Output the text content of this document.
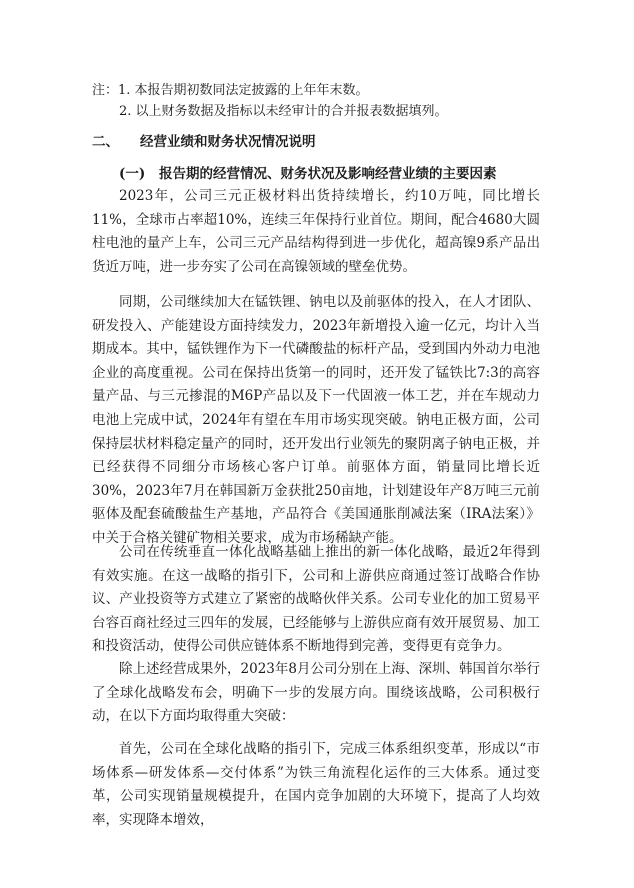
注：1. 本报告期初数同法定披露的上年年末数。
2. 以上财务数据及指标以未经审计的合并报表数据填列。
二、 经营业绩和财务状况情况说明
(一) 报告期的经营情况、财务状况及影响经营业绩的主要因素

2023年，公司三元正极材料出货持续增长，约10万吨，同比增长11%，全球市占率超10%，连续三年保持行业首位。期间，配合4680大圆柱电池的量产上车，公司三元产品结构得到进一步优化，超高镍9系产品出货近万吨，进一步夯实了公司在高镍领域的壁垒优势。

同期，公司继续加大在锰铁锂、钠电以及前驱体的投入，在人才团队、研发投入、产能建设方面持续发力，2023年新增投入逾一亿元，均计入当期成本。其中，锰铁锂作为下一代磷酸盐的标杆产品，受到国内外动力电池企业的高度重视。公司在保持出货第一的同时，还开发了锰铁比7:3的高容量产品、与三元掺混的M6P产品以及下一代固液一体工艺，并在车规动力电池上完成中试，2024年有望在车用市场实现突破。钠电正极方面，公司保持层状材料稳定量产的同时，还开发出行业领先的聚阴离子钠电正极，并已经获得不同细分市场核心客户订单。前驱体方面，销量同比增长近30%，2023年7月在韩国新万金获批250亩地，计划建设年产8万吨三元前驱体及配套硫酸盐生产基地，产品符合《美国通胀削减法案（IRA法案）》中关于合格关键矿物相关要求，成为市场稀缺产能。

公司在传统垂直一体化战略基础上推出的新一体化战略，最近2年得到有效实施。在这一战略的指引下，公司和上游供应商通过签订战略合作协议、产业投资等方式建立了紧密的战略伙伴关系。公司专业化的加工贸易平台容百商社经过三四年的发展，已经能够与上游供应商有效开展贸易、加工和投资活动，使得公司供应链体系不断地得到完善，变得更有竞争力。

除上述经营成果外，2023年8月公司分别在上海、深圳、韩国首尔举行了全球化战略发布会，明确下一步的发展方向。围绕该战略，公司积极行动，在以下方面均取得重大突破：

首先，公司在全球化战略的指引下，完成三体系组织变革，形成以“市场体系—研发体系—交付体系”为铁三角流程化运作的三大体系。通过变革，公司实现销量规模提升，在国内竞争加剧的大环境下，提高了人均效率，实现降本增效，
